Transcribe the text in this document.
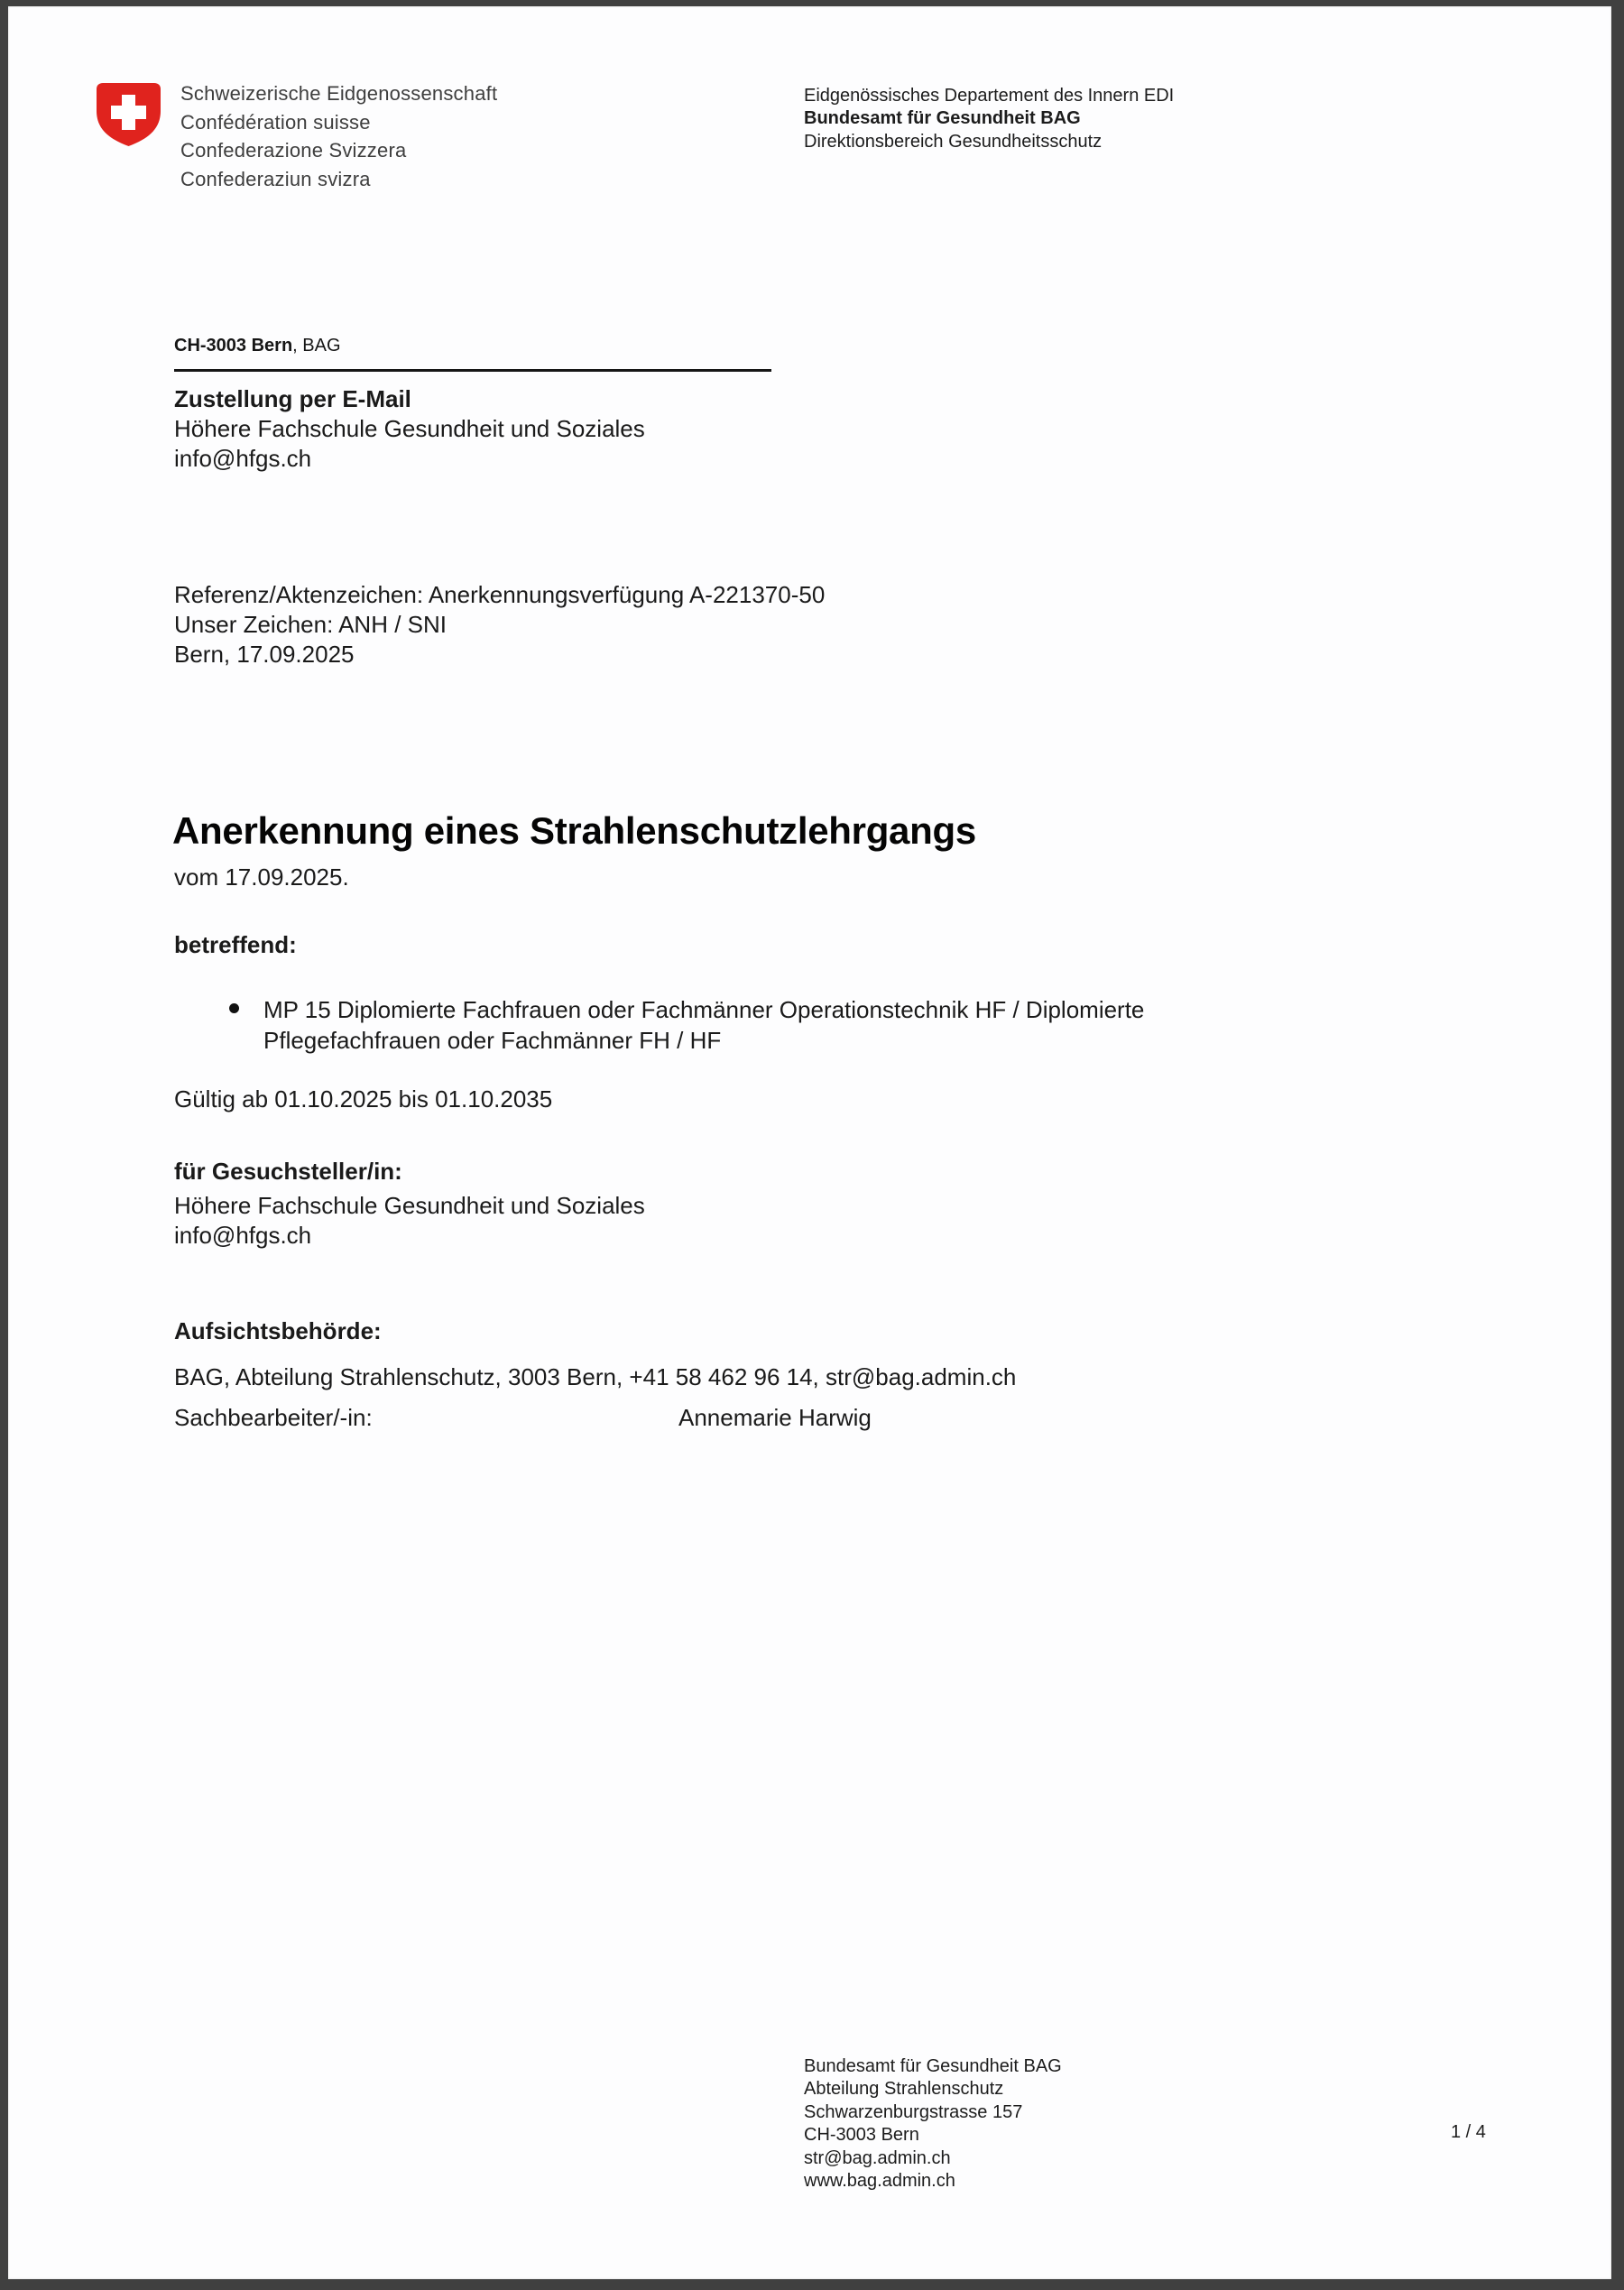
Schweizerische Eidgenossenschaft
Confédération suisse
Confederazione Svizzera
Confederaziun svizra
Eidgenössisches Departement des Innern EDI
Bundesamt für Gesundheit BAG
Direktionsbereich Gesundheitsschutz
CH-3003 Bern, BAG
Zustellung per E-Mail
Höhere Fachschule Gesundheit und Soziales
info@hfgs.ch
Referenz/Aktenzeichen: Anerkennungsverfügung A-221370-50
Unser Zeichen: ANH / SNI
Bern, 17.09.2025
Anerkennung eines Strahlenschutzlehrgangs
vom 17.09.2025.
betreffend:
MP 15 Diplomierte Fachfrauen oder Fachmänner Operationstechnik HF / Diplomierte
Pflegefachfrauen oder Fachmänner FH / HF
Gültig ab 01.10.2025 bis 01.10.2035
für Gesuchsteller/in:
Höhere Fachschule Gesundheit und Soziales
info@hfgs.ch
Aufsichtsbehörde:
BAG, Abteilung Strahlenschutz, 3003 Bern, +41 58 462 96 14, str@bag.admin.ch
Sachbearbeiter/-in:	Annemarie Harwig
Bundesamt für Gesundheit BAG
Abteilung Strahlenschutz
Schwarzenburgstrasse 157
CH-3003 Bern
str@bag.admin.ch
www.bag.admin.ch
1 / 4
